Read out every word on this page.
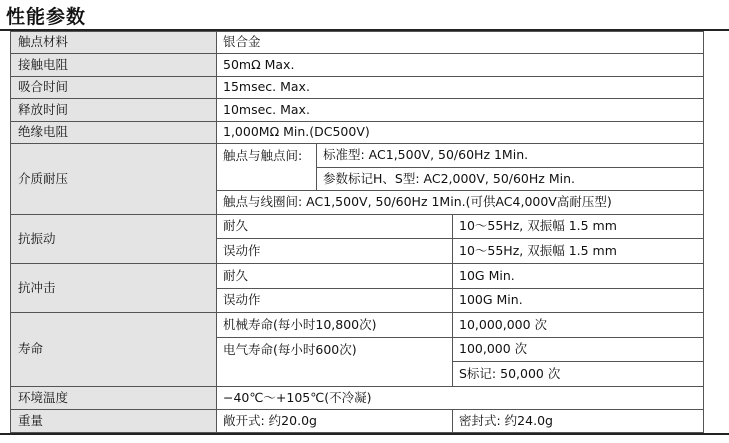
性能参数
触点材料	银合金		
接触电阻	50mΩ Max.		
吸合时间	15msec. Max.		
释放时间	10msec. Max.		
绝缘电阻	1,000MΩ Min.(DC500V)		
介质耐压	触点与触点间:	标准型: AC1,500V, 50/60Hz 1Min.	
		参数标记H、S型: AC2,000V, 50/60Hz Min.	
	触点与线圈间: AC1,500V, 50/60Hz 1Min.(可供AC4,000V高耐压型)		
抗振动	耐久		10～55Hz, 双振幅 1.5 mm
	误动作		10～55Hz, 双振幅 1.5 mm
抗冲击	耐久		10G Min.
	误动作		100G Min.
寿命	机械寿命(每小时10,800次)		10,000,000 次
	电气寿命(每小时600次)		100,000 次
			S标记: 50,000 次
环境温度	−40℃～+105℃(不冷凝)		
重量	敞开式: 约20.0g		密封式: 约24.0g
